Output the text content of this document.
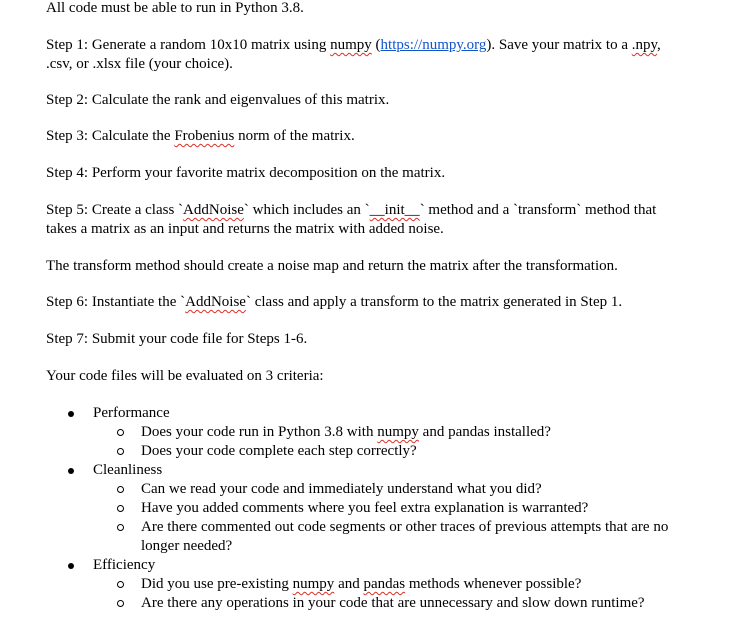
All code must be able to run in Python 3.8.

Step 1: Generate a random 10x10 matrix using numpy (https://numpy.org). Save your matrix to a .npy, .csv, or .xlsx file (your choice).

Step 2: Calculate the rank and eigenvalues of this matrix.

Step 3: Calculate the Frobenius norm of the matrix.

Step 4: Perform your favorite matrix decomposition on the matrix.

Step 5: Create a class `AddNoise` which includes an `__init__` method and a `transform` method that takes a matrix as an input and returns the matrix with added noise.

The transform method should create a noise map and return the matrix after the transformation.

Step 6: Instantiate the `AddNoise` class and apply a transform to the matrix generated in Step 1.

Step 7: Submit your code file for Steps 1-6.

Your code files will be evaluated on 3 criteria:

Performance
Does your code run in Python 3.8 with numpy and pandas installed?
Does your code complete each step correctly?
Cleanliness
Can we read your code and immediately understand what you did?
Have you added comments where you feel extra explanation is warranted?
Are there commented out code segments or other traces of previous attempts that are no longer needed?
Efficiency
Did you use pre-existing numpy and pandas methods whenever possible?
Are there any operations in your code that are unnecessary and slow down runtime?
